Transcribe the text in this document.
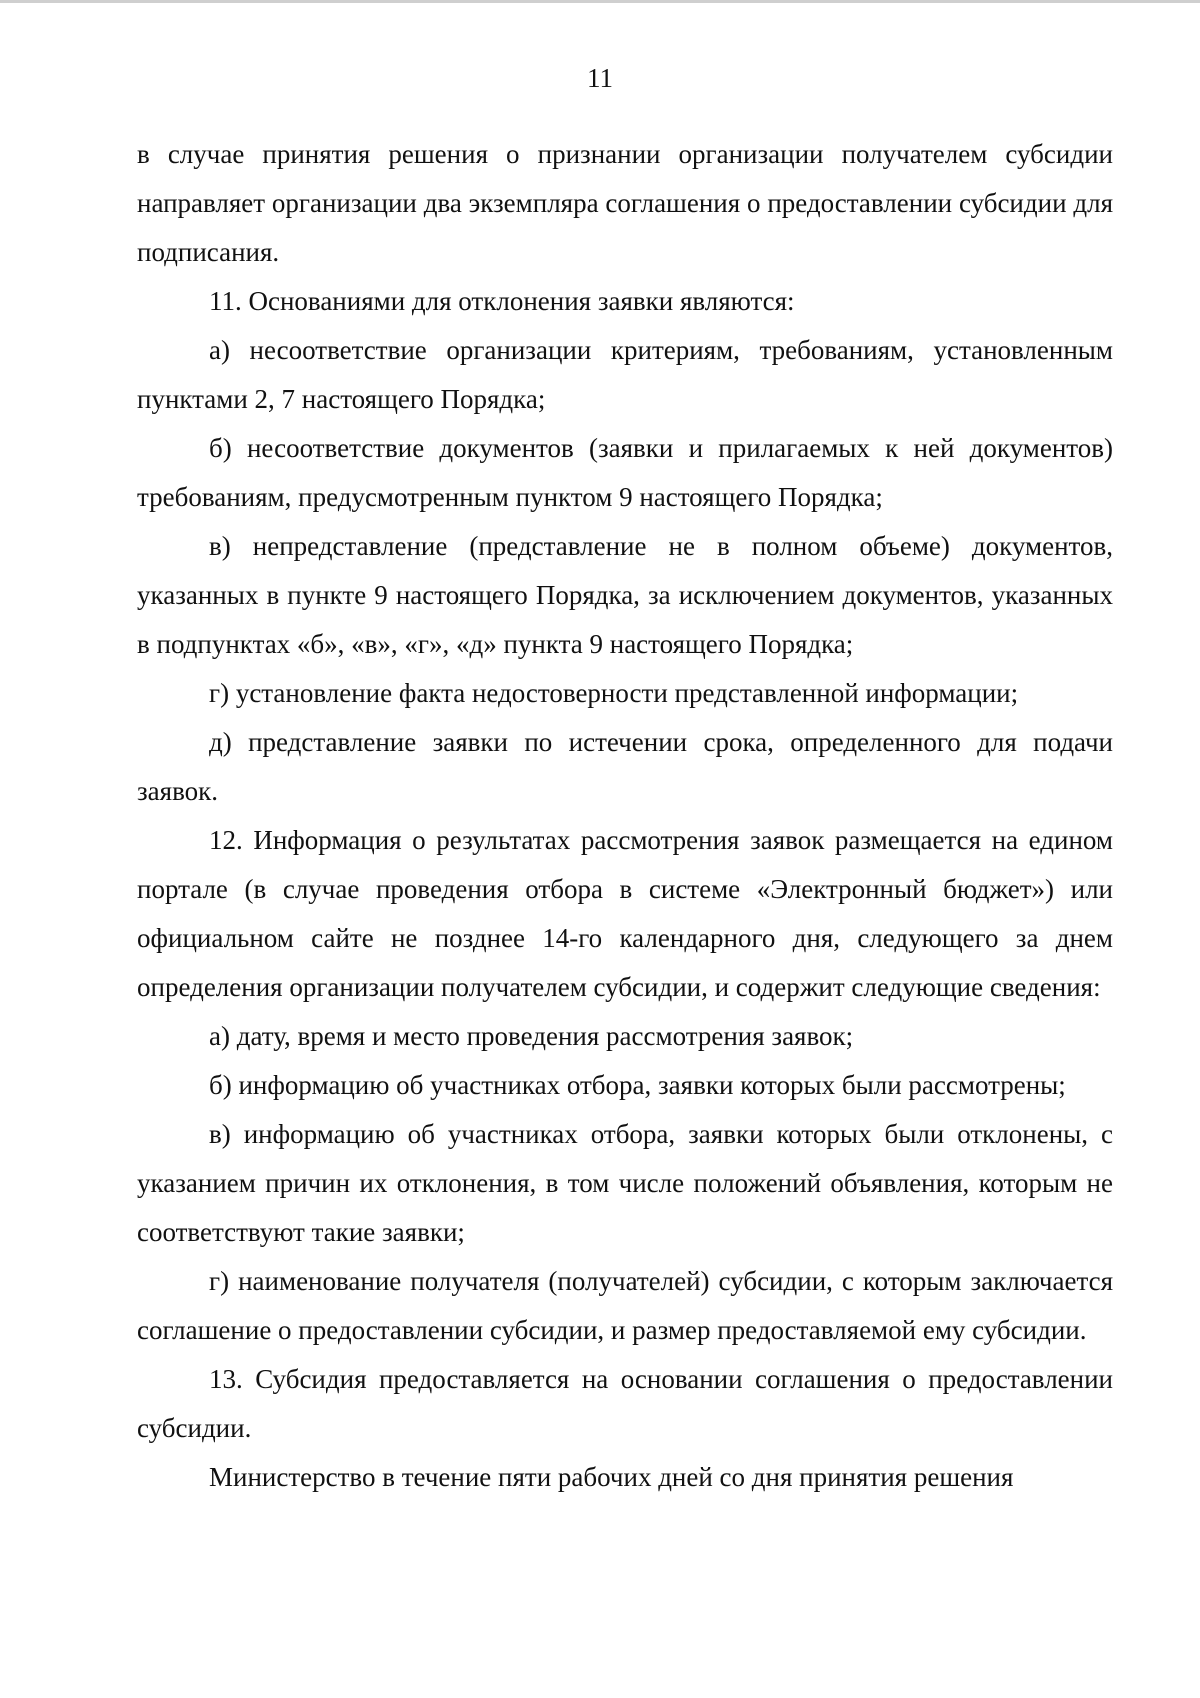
11

в случае принятия решения о признании организации получателем субсидии направляет организации два экземпляра соглашения о предоставлении субсидии для подписания.

11. Основаниями для отклонения заявки являются:

а) несоответствие организации критериям, требованиям, установленным пунктами 2, 7 настоящего Порядка;

б) несоответствие документов (заявки и прилагаемых к ней документов) требованиям, предусмотренным пунктом 9 настоящего Порядка;

в) непредставление (представление не в полном объеме) документов, указанных в пункте 9 настоящего Порядка, за исключением документов, указанных в подпунктах «б», «в», «г», «д» пункта 9 настоящего Порядка;

г) установление факта недостоверности представленной информации;

д) представление заявки по истечении срока, определенного для подачи заявок.

12. Информация о результатах рассмотрения заявок размещается на едином портале (в случае проведения отбора в системе «Электронный бюджет») или официальном сайте не позднее 14-го календарного дня, следующего за днем определения организации получателем субсидии, и содержит следующие сведения:

а) дату, время и место проведения рассмотрения заявок;

б) информацию об участниках отбора, заявки которых были рассмотрены;

в) информацию об участниках отбора, заявки которых были отклонены, с указанием причин их отклонения, в том числе положений объявления, которым не соответствуют такие заявки;

г) наименование получателя (получателей) субсидии, с которым заключается соглашение о предоставлении субсидии, и размер предоставляемой ему субсидии.

13. Субсидия предоставляется на основании соглашения о предоставлении субсидии.

Министерство в течение пяти рабочих дней со дня принятия решения
